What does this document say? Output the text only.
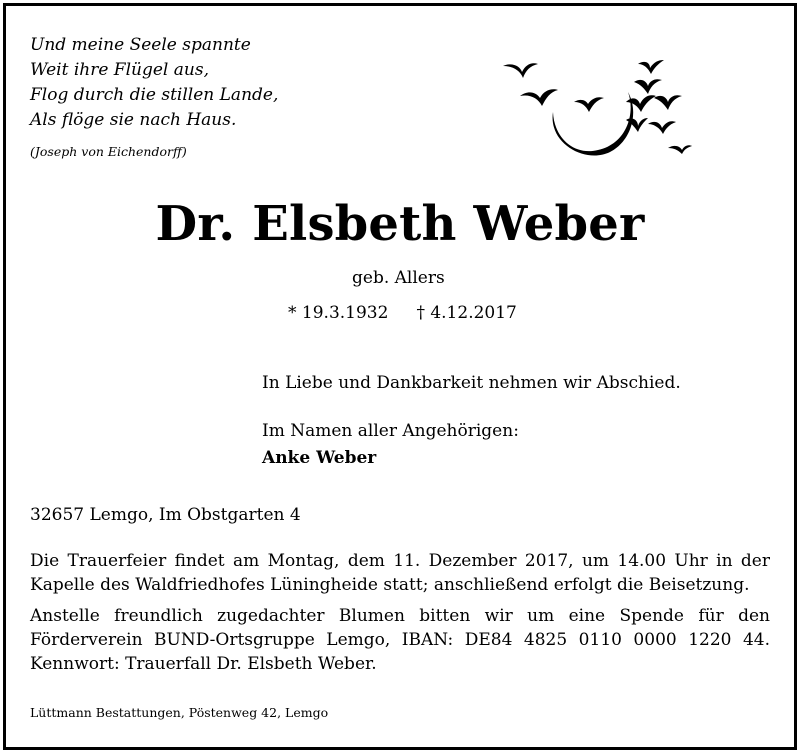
Und meine Seele spannte
Weit ihre Flügel aus,
Flog durch die stillen Lande,
Als flöge sie nach Haus.
(Joseph von Eichendorff)
Dr. Elsbeth Weber
geb. Allers
* 19.3.1932 † 4.12.2017
In Liebe und Dankbarkeit nehmen wir Abschied.
Im Namen aller Angehörigen:
Anke Weber
32657 Lemgo, Im Obstgarten 4
Die Trauerfeier findet am Montag, dem 11. Dezember 2017, um 14.00 Uhr in der
Kapelle des Waldfriedhofes Lüningheide statt; anschließend erfolgt die Beisetzung.
Anstelle freundlich zugedachter Blumen bitten wir um eine Spende für den
Förderverein BUND-Ortsgruppe Lemgo, IBAN: DE84 4825 0110 0000 1220 44.
Kennwort: Trauerfall Dr. Elsbeth Weber.
Lüttmann Bestattungen, Pöstenweg 42, Lemgo
